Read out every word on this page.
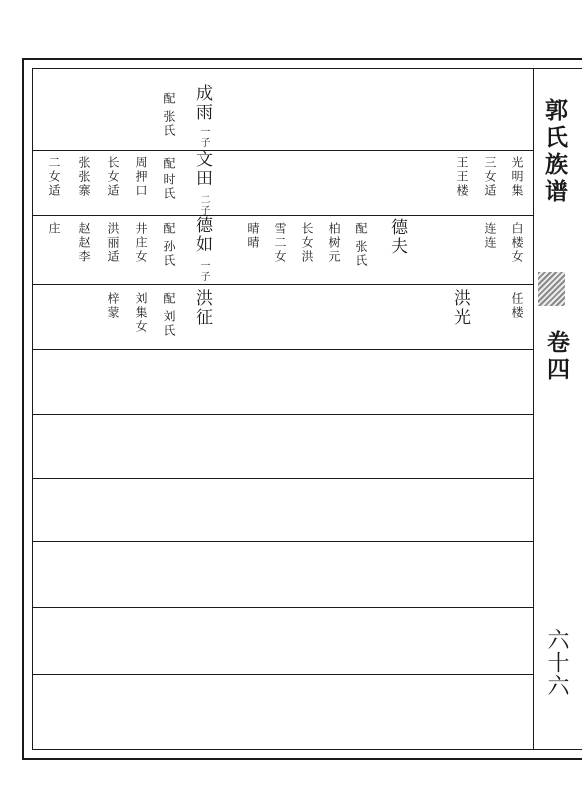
郭氏族谱
卷四
六十六
成雨
一子
配
张氏
文田
二子
配
时氏
周押口
长女适
张张寨
二女适	光明集
三女适
王王楼
德如
一子
配
孙氏
井庄女
洪丽适
赵赵李
庄	德夫
配
张氏
柏树元
长女洪
雪二女
晴晴	白楼女
连连
洪征
配
刘氏
刘集女
梓蒙	洪光	任楼
